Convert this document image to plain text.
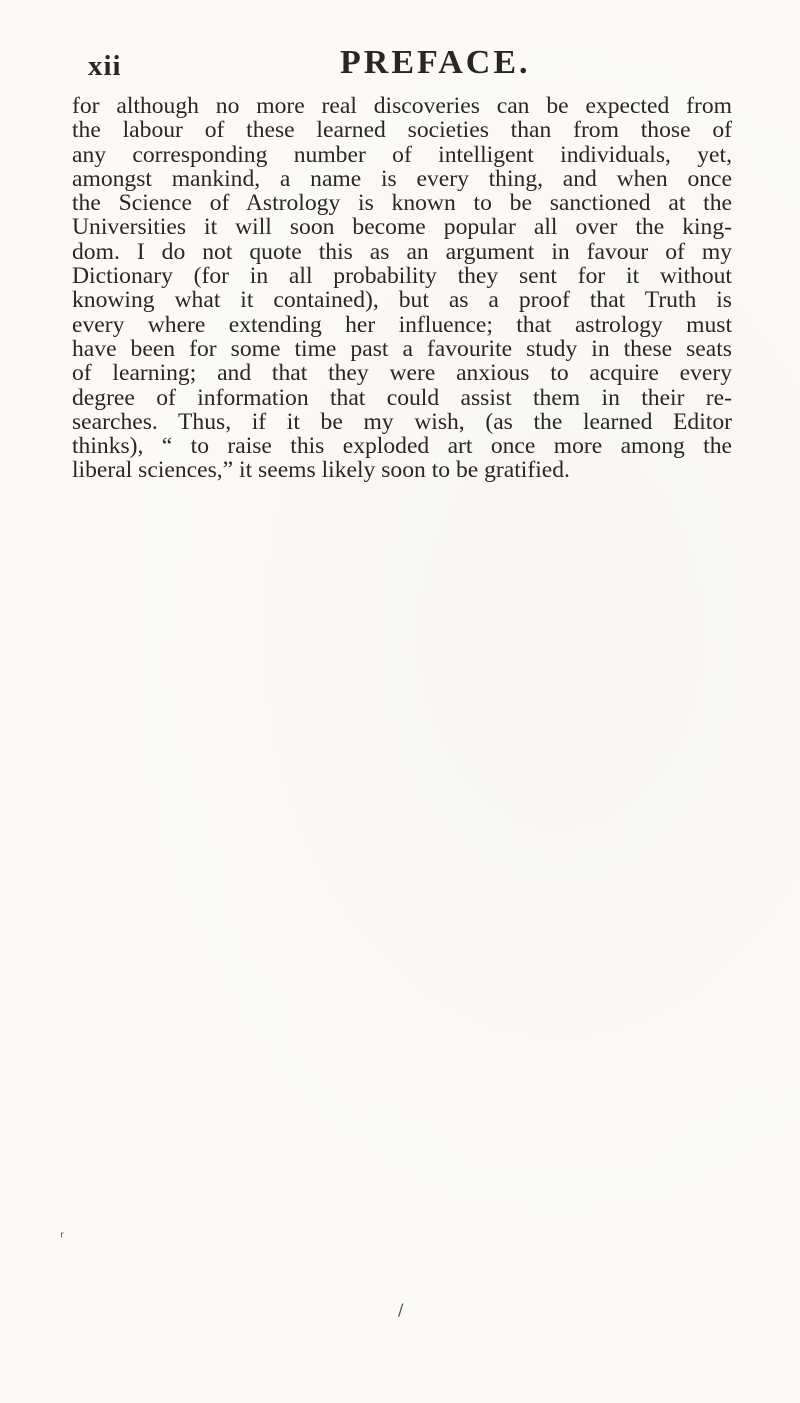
xii	PREFACE.
for although no more real discoveries can be expected from
the labour of these learned societies than from those of
any corresponding number of intelligent individuals, yet,
amongst mankind, a name is every thing, and when once
the Science of Astrology is known to be sanctioned at the
Universities it will soon become popular all over the king-
dom. I do not quote this as an argument in favour of my
Dictionary (for in all probability they sent for it without
knowing what it contained), but as a proof that Truth is
every where extending her influence; that astrology must
have been for some time past a favourite study in these seats
of learning; and that they were anxious to acquire every
degree of information that could assist them in their re-
searches. Thus, if it be my wish, (as the learned Editor
thinks), “ to raise this exploded art once more among the
liberal sciences,” it seems likely soon to be gratified.
ʳ
/
